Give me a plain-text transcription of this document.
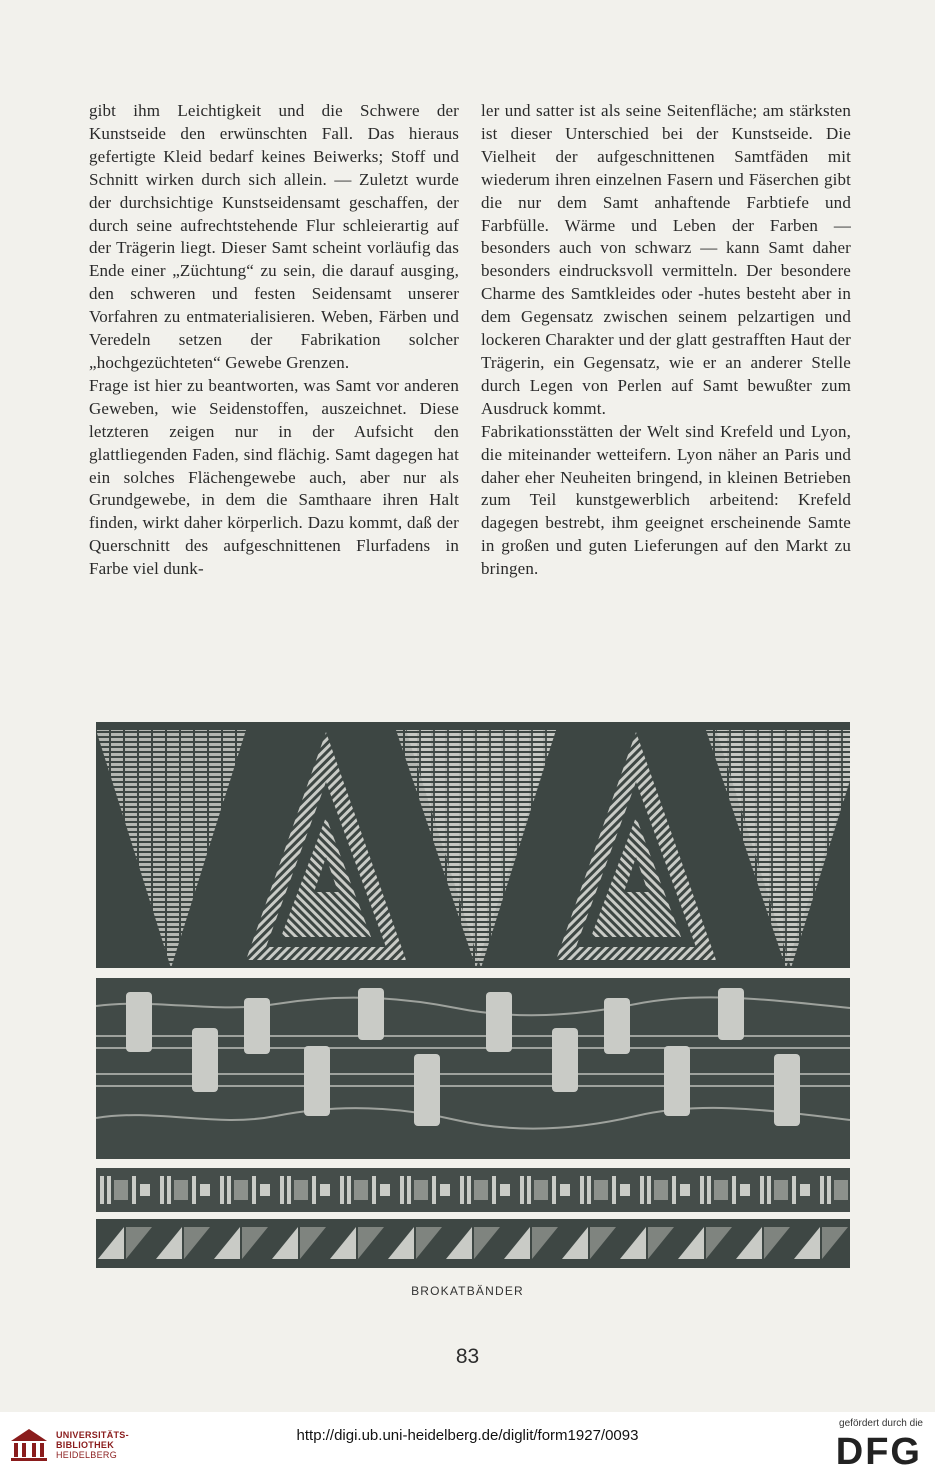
gibt ihm Leichtigkeit und die Schwere der Kunstseide den erwünschten Fall. Das hieraus gefertigte Kleid bedarf keines Beiwerks; Stoff und Schnitt wirken durch sich allein. — Zuletzt wurde der durchsichtige Kunstseidensamt geschaffen, der durch seine aufrechtstehende Flur schleierartig auf der Trägerin liegt. Dieser Samt scheint vorläufig das Ende einer „Züchtung“ zu sein, die darauf ausging, den schweren und festen Seidensamt unserer Vorfahren zu entmaterialisieren. Weben, Färben und Veredeln setzen der Fabrikation solcher „hochgezüchteten“ Gewebe Grenzen.

Frage ist hier zu beantworten, was Samt vor anderen Geweben, wie Seidenstoffen, auszeichnet. Diese letzteren zeigen nur in der Aufsicht den glattliegenden Faden, sind flächig. Samt dagegen hat ein solches Flächengewebe auch, aber nur als Grundgewebe, in dem die Samthaare ihren Halt finden, wirkt daher körperlich. Dazu kommt, daß der Querschnitt des aufgeschnittenen Flurfadens in Farbe viel dunk-

ler und satter ist als seine Seitenfläche; am stärksten ist dieser Unterschied bei der Kunstseide. Die Vielheit der aufgeschnittenen Samtfäden mit wiederum ihren einzelnen Fasern und Fäserchen gibt die nur dem Samt anhaftende Farbtiefe und Farbfülle. Wärme und Leben der Farben — besonders auch von schwarz — kann Samt daher besonders eindrucksvoll vermitteln. Der besondere Charme des Samtkleides oder -hutes besteht aber in dem Gegensatz zwischen seinem pelzartigen und lockeren Charakter und der glatt gestrafften Haut der Trägerin, ein Gegensatz, wie er an anderer Stelle durch Legen von Perlen auf Samt bewußter zum Ausdruck kommt.

Fabrikationsstätten der Welt sind Krefeld und Lyon, die miteinander wetteifern. Lyon näher an Paris und daher eher Neuheiten bringend, in kleinen Betrieben zum Teil kunstgewerblich arbeitend: Krefeld dagegen bestrebt, ihm geeignet erscheinende Samte in großen und guten Lieferungen auf den Markt zu bringen.

BROKATBÄNDER
83
UNIVERSITÄTS-
BIBLIOTHEK
HEIDELBERG
http://digi.ub.uni-heidelberg.de/diglit/form1927/0093
gefördert durch die
DFG
